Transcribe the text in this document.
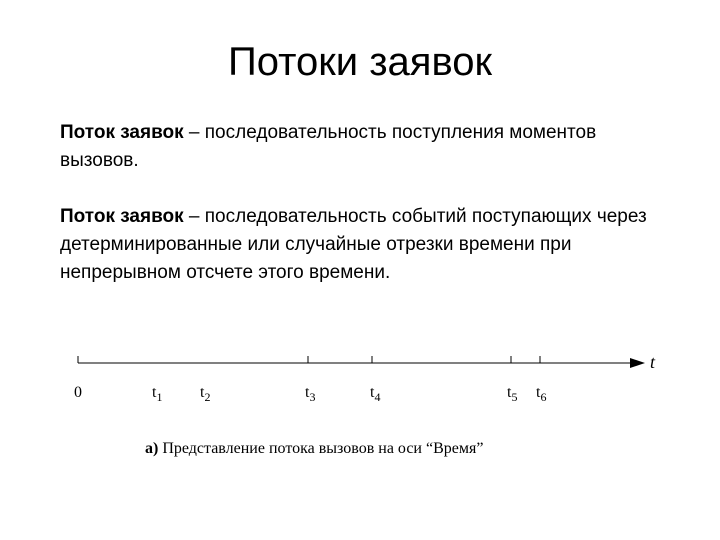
Потоки заявок

Поток заявок – последовательность поступления моментов вызовов.

Поток заявок – последовательность событий поступающих через детерминированные или случайные отрезки времени при непрерывном отсчете этого времени.

t
0	$t_1$ $t_2$	$t_3$	$t_4$	$t_5$ $t_6$

а) Представление потока вызовов на оси “Время”
